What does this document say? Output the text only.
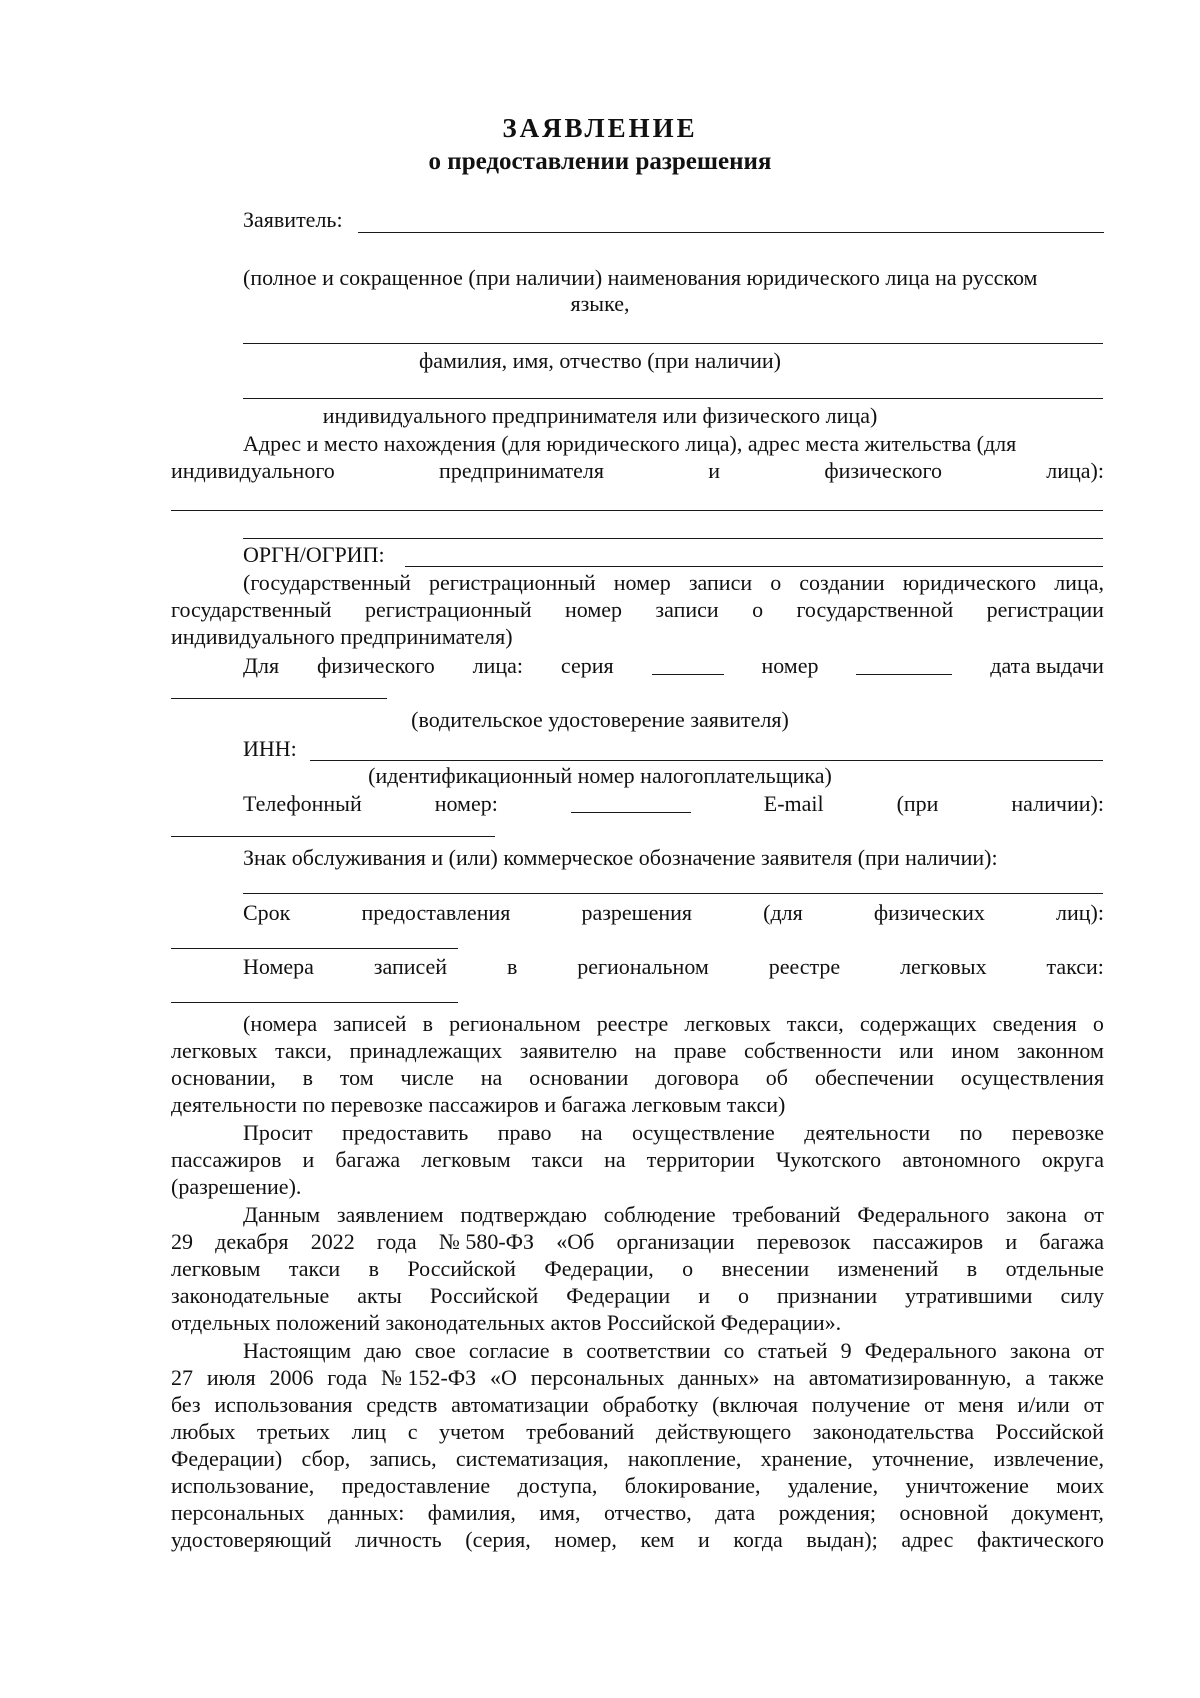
ЗАЯВЛЕНИЕ
о предоставлении разрешения
Заявитель:
(полное и сокращенное (при наличии) наименования юридического лица на русском
языке,
фамилия, имя, отчество (при наличии)
индивидуального предпринимателя или физического лица)
Адрес и место нахождения (для юридического лица), адрес места жительства (для
индивидуального	предпринимателя	и	физического	лица):
ОРГН/ОГРИП:
(государственный регистрационный номер записи о создании юридического лица,
государственный регистрационный номер записи о государственной регистрации
индивидуального предпринимателя)
Для физического лица: серия	номер	дата выдачи
(водительское удостоверение заявителя)
ИНН:
(идентификационный номер налогоплательщика)
Телефонный	номер:	E-mail	(при	наличии):
Знак обслуживания и (или) коммерческое обозначение заявителя (при наличии):
Срок	предоставления	разрешения	(для	физических	лиц):
Номера	записей	в	региональном	реестре	легковых	такси:
(номера записей в региональном реестре легковых такси, содержащих сведения о
легковых такси, принадлежащих заявителю на праве собственности или ином законном
основании, в том числе на основании договора об обеспечении осуществления
деятельности по перевозке пассажиров и багажа легковым такси)
Просит предоставить право на осуществление деятельности по перевозке
пассажиров и багажа легковым такси на территории Чукотского автономного округа
(разрешение).
Данным заявлением подтверждаю соблюдение требований Федерального закона от
29 декабря 2022 года № 580-ФЗ «Об организации перевозок пассажиров и багажа
легковым такси в Российской Федерации, о внесении изменений в отдельные
законодательные акты Российской Федерации и о признании утратившими силу
отдельных положений законодательных актов Российской Федерации».
Настоящим даю свое согласие в соответствии со статьей 9 Федерального закона от
27 июля 2006 года № 152-ФЗ «О персональных данных» на автоматизированную, а также
без использования средств автоматизации обработку (включая получение от меня и/или от
любых третьих лиц с учетом требований действующего законодательства Российской
Федерации) сбор, запись, систематизация, накопление, хранение, уточнение, извлечение,
использование, предоставление доступа, блокирование, удаление, уничтожение моих
персональных данных: фамилия, имя, отчество, дата рождения; основной документ,
удостоверяющий личность (серия, номер, кем и когда выдан); адрес фактического
